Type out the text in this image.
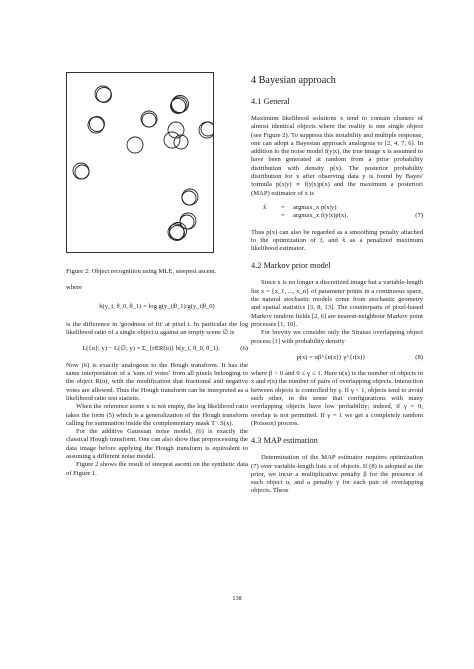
Figure 2: Object recognition using MLE, steepest ascent.

where

h(y_t, θ_0, θ_1) = log g(y_t|θ_1)/g(y_t|θ_0)

is the difference in 'goodness of fit' at pixel t. In particular the log likelihood ratio of a single object u against an empty scene ∅ is

L({u}; y) − L(∅; y) = Σ_{t∈R(u)} h(y_t, θ_0, θ_1).	(6)

Now (6) is exactly analogous to the Hough transform. It has the same interpretation of a 'sum of votes' from all pixels belonging to the object R(u), with the modification that fractional and negative votes are allowed. Thus the Hough transform can be interpreted as a likelihood ratio test statistic.

When the reference scene x is not empty, the log likelihood ratio takes the form (5) which is a generalization of the Hough transform calling for summation inside the complementary mask T \ S(x).

For the additive Gaussian noise model, (6) is exactly the classical Hough transform. One can also show that preprocessing the data image before applying the Hough transform is equivalent to assuming a different noise model.

Figure 2 shows the result of steepest ascent on the synthetic data of Figure 1.

4 Bayesian approach
4.1 General

Maximum likelihood solutions x tend to contain clusters of almost identical objects where the reality is one single object (see Figure 2). To suppress this instability and multiple response, one can adopt a Bayesian approach analogous to [2, 4, 7, 6]. In addition to the noise model f(y|x), the true image x is assumed to have been generated at random from a prior probability distribution with density p(x). The posterior probability distribution for x after observing data y is found by Bayes' formula p(x|y) ∝ f(y|x)p(x) and the maximum a posteriori (MAP) estimator of x is

x̂	=	argmax_x p(x|y)
=	argmax_x f(y|x)p(x).	(7)

Thus p(x) can also be regarded as a smoothing penalty attached to the optimization of f, and x̂ as a penalized maximum likelihood estimator.

4.2 Markov prior model

Since x is no longer a discretized image but a variable-length list x = {x_1, ..., x_n} of parameter points in a continuous space, the natural stochastic models come from stochastic geometry and spatial statistics [3, 8, 13]. The counterparts of pixel-based Markov random fields [2, 6] are nearest-neighbour Markov point processes [1, 10].

For brevity we consider only the Strauss overlapping object process [1] with probability density

p(x) = αβ^{n(x)} γ^{r(x)}	(8)

where β > 0 and 0 ≤ γ ≤ 1. Here n(x) is the number of objects in x and r(x) the number of pairs of overlapping objects. Interaction between objects is controlled by γ. If γ < 1, objects tend to avoid each other, in the sense that configurations with many overlapping objects have low probability; indeed, if γ = 0, overlap is not permitted. If γ = 1 we get a completely random (Poisson) process.

4.3 MAP estimation

Determination of the MAP estimator requires optimization (7) over variable-length lists x of objects. If (8) is adopted as the prior, we incur a multiplicative penalty β for the presence of each object u, and a penalty γ for each pair of overlapping objects. These

138
